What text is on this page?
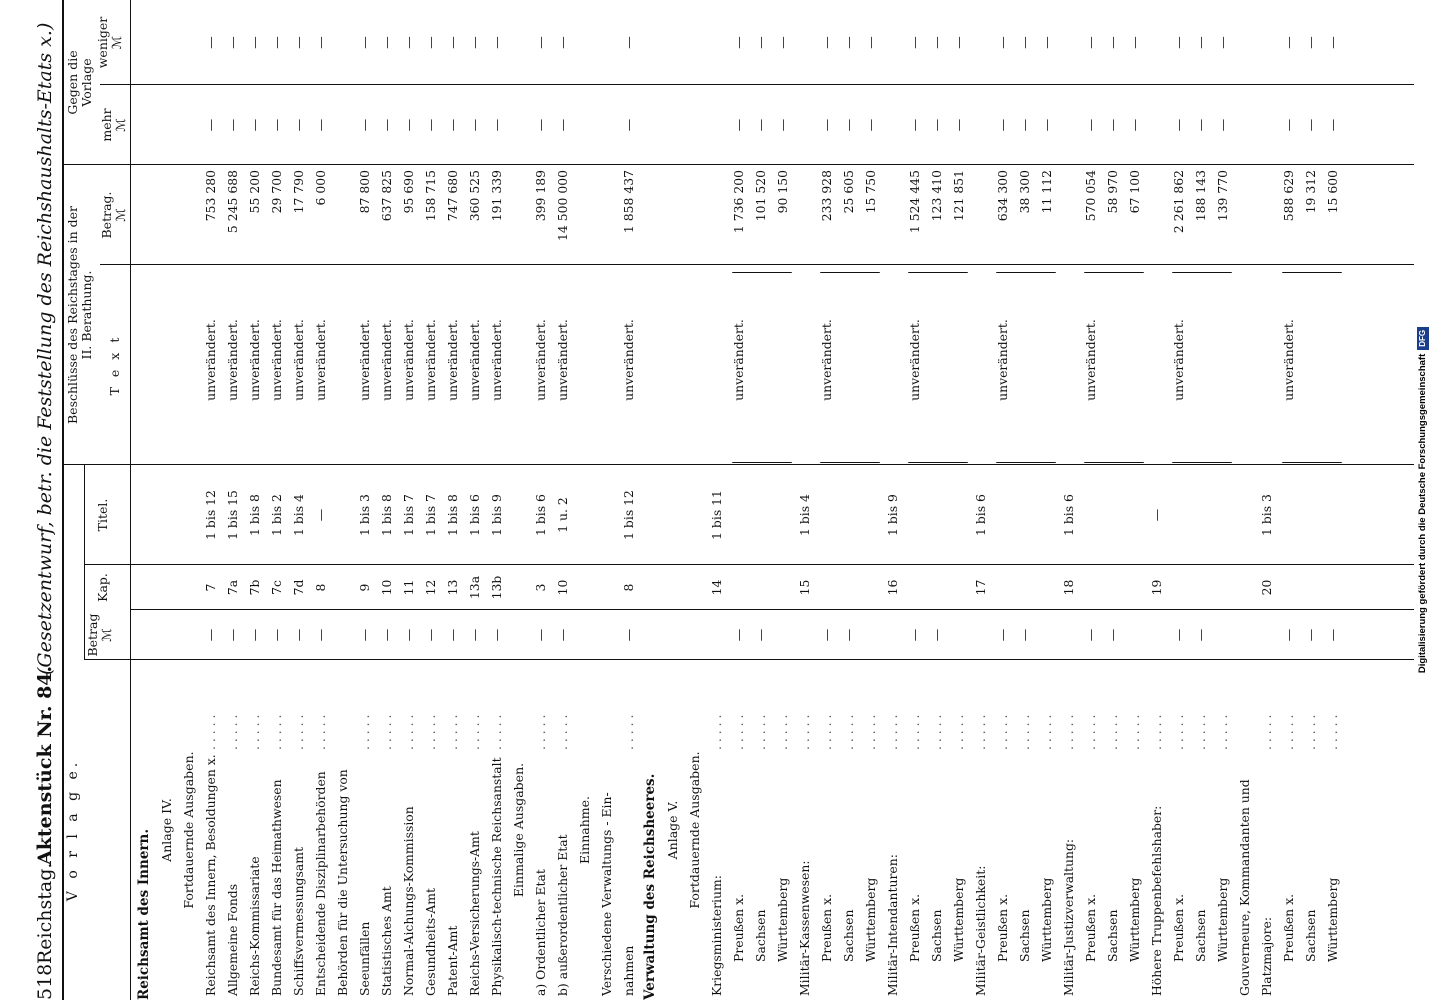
518
Reichstag.
Aktenstück Nr. 84.
(Gesetzentwurf, betr. die Feststellung des Reichshaushalts-Etats x.)
V o r l a g e.
Betrag
ℳ
Kap.
Titel.
Beschlüsse des Reichstages in der
II. Berathung.
T e x t
Betrag.
ℳ
Gegen die
Vorlage
mehr
ℳ
weniger
ℳ
Reichsamt des Innern. Anlage IV. Fortdauernde Ausgaben. Reichsamt des Innern, Besoldungen x.
. . . . .
—
7
1 bis 12
unverändert.
753 280
—
—
Allgemeine Fonds
. . . . .
—
7a
1 bis 15
unverändert.
5 245 688
—
—
Reichs-Kommissariate
. . . . .
—
7b
1 bis 8
unverändert.
55 200
—
—
Bundesamt für das Heimathwesen
. . . . .
—
7c
1 bis 2
unverändert.
29 700
—
—
Schiffsvermessungsamt
. . . . .
—
7d
1 bis 4
unverändert.
17 790
—
—
Entscheidende Disziplinarbehörden
. . . . .
—
8
—
unverändert.
6 000
—
—
Behörden für die Untersuchung von Seeunfällen
. . . . .
—
9
1 bis 3
unverändert.
87 800
—
—
Statistisches Amt
. . . . .
—
10
1 bis 8
unverändert.
637 825
—
—
Normal-Aichungs-Kommission
. . . . .
—
11
1 bis 7
unverändert.
95 690
—
—
Gesundheits-Amt
. . . . .
—
12
1 bis 7
unverändert.
158 715
—
—
Patent-Amt
. . . . .
—
13
1 bis 8
unverändert.
747 680
—
—
Reichs-Versicherungs-Amt
. . . . .
—
13a
1 bis 6
unverändert.
360 525
—
—
Physikalisch-technische Reichsanstalt
. . . . .
—
13b
1 bis 9
unverändert.
191 339
—
—
Einmalige Ausgaben.
a) Ordentlicher Etat
. . . . .
—
3
1 bis 6
unverändert.
399 189
—
—
b) außerordentlicher Etat
. . . . .
—
10
1 u. 2
unverändert.
14 500 000
—
—
Einnahme. Verschiedene Verwaltungs - Ein- nahmen
. . . . .
—
8
1 bis 12
unverändert.
1 858 437
—
—
Verwaltung des Reichsheeres. Anlage V. Fortdauernde Ausgaben.
Kriegsministerium:
. . . . .
14
1 bis 11
Preußen x.
. . . . .
—
unverändert.
1 736 200
—
—
Sachsen
. . . . .
—
101 520
—
—
Württemberg
. . . . .
90 150
—
—
Militär-Kassenwesen:
. . . . .
15
1 bis 4
Preußen x.
. . . . .
—
unverändert.
233 928
—
—
Sachsen
. . . . .
—
25 605
—
—
Württemberg
. . . . .
15 750
—
—
Militär-Intendanturen:
. . . . .
16
1 bis 9
Preußen x.
. . . . .
—
unverändert.
1 524 445
—
—
Sachsen
. . . . .
—
123 410
—
—
Württemberg
. . . . .
121 851
—
—
Militär-Geistlichkeit:
. . . . .
17
1 bis 6
Preußen x.
. . . . .
—
unverändert.
634 300
—
—
Sachsen
. . . . .
—
38 300
—
—
Württemberg
. . . . .
11 112
—
—
Militär-Justizverwaltung:
. . . . .
18
1 bis 6
Preußen x.
. . . . .
—
unverändert.
570 054
—
—
Sachsen
. . . . .
—
58 970
—
—
Württemberg
. . . . .
67 100
—
—
Höhere Truppenbefehlshaber:
. . . . .
19
—
Preußen x.
. . . . .
—
unverändert.
2 261 862
—
—
Sachsen
. . . . .
—
188 143
—
—
Württemberg
. . . . .
139 770
—
—
Gouverneure, Kommandanten und Platzmajore:
. . . . .
20
1 bis 3
Preußen x.
. . . . .
—
unverändert.
588 629
—
—
Sachsen
. . . . .
—
19 312
—
—
Württemberg
. . . . .
—
15 600
—
—
Digitalisierung gefördert durch die Deutsche ForschungsgemeinschaftDFG
